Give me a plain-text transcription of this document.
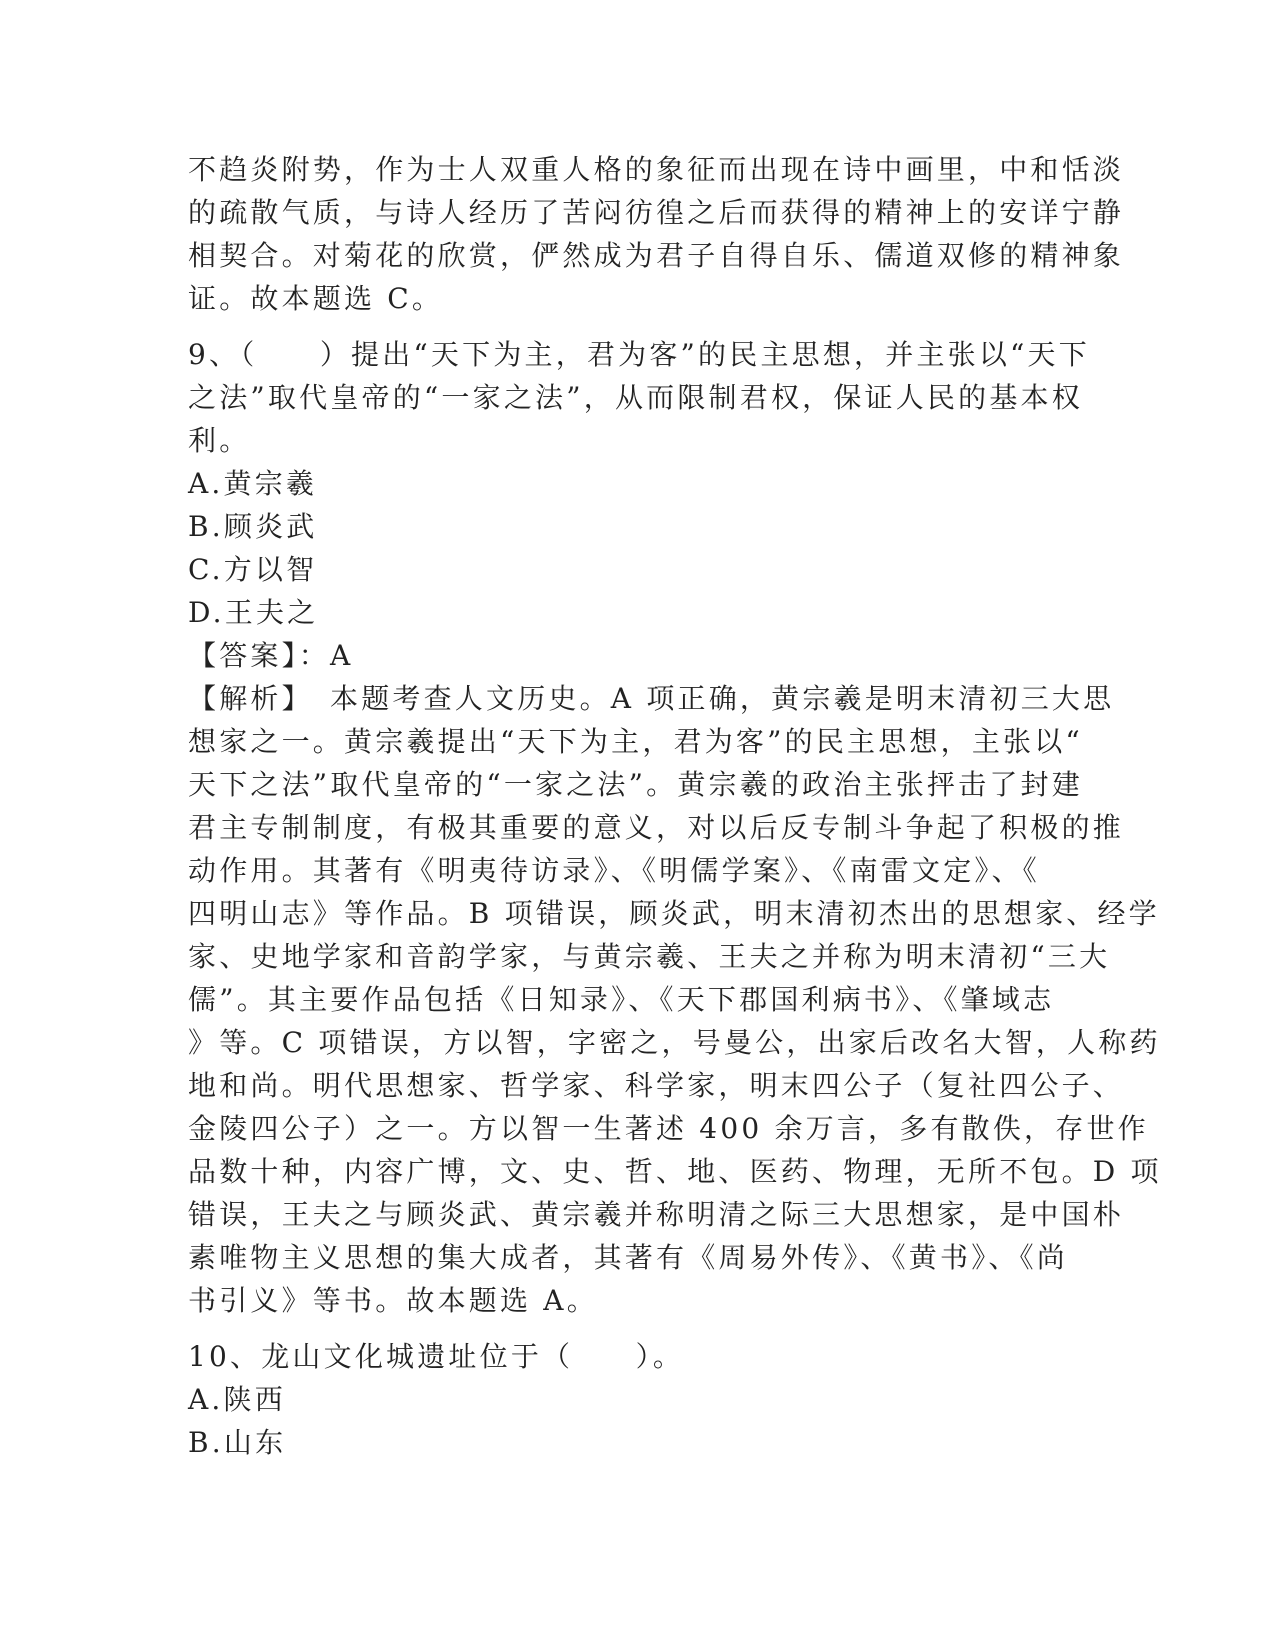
不趋炎附势，作为士人双重人格的象征而出现在诗中画里，中和恬淡
的疏散气质，与诗人经历了苦闷彷徨之后而获得的精神上的安详宁静
相契合。对菊花的欣赏，俨然成为君子自得自乐、儒道双修的精神象
证。故本题选 C。
9、（　　）提出“天下为主，君为客”的民主思想，并主张以“天下
之法”取代皇帝的“一家之法”，从而限制君权，保证人民的基本权
利。
A.黄宗羲
B.顾炎武
C.方以智
D.王夫之
【答案】：A
【解析】　本题考查人文历史。A 项正确，黄宗羲是明末清初三大思
想家之一。黄宗羲提出“天下为主，君为客”的民主思想，主张以“
天下之法”取代皇帝的“一家之法”。黄宗羲的政治主张抨击了封建
君主专制制度，有极其重要的意义，对以后反专制斗争起了积极的推
动作用。其著有《明夷待访录》、《明儒学案》、《南雷文定》、《
四明山志》等作品。B 项错误，顾炎武，明末清初杰出的思想家、经学
家、史地学家和音韵学家，与黄宗羲、王夫之并称为明末清初“三大
儒”。其主要作品包括《日知录》、《天下郡国利病书》、《肇域志
》等。C 项错误，方以智，字密之，号曼公，出家后改名大智，人称药
地和尚。明代思想家、哲学家、科学家，明末四公子（复社四公子、
金陵四公子）之一。方以智一生著述 400 余万言，多有散佚，存世作
品数十种，内容广博，文、史、哲、地、医药、物理，无所不包。D 项
错误，王夫之与顾炎武、黄宗羲并称明清之际三大思想家，是中国朴
素唯物主义思想的集大成者，其著有《周易外传》、《黄书》、《尚
书引义》等书。故本题选 A。
10、龙山文化城遗址位于（　　）。
A.陕西
B.山东
